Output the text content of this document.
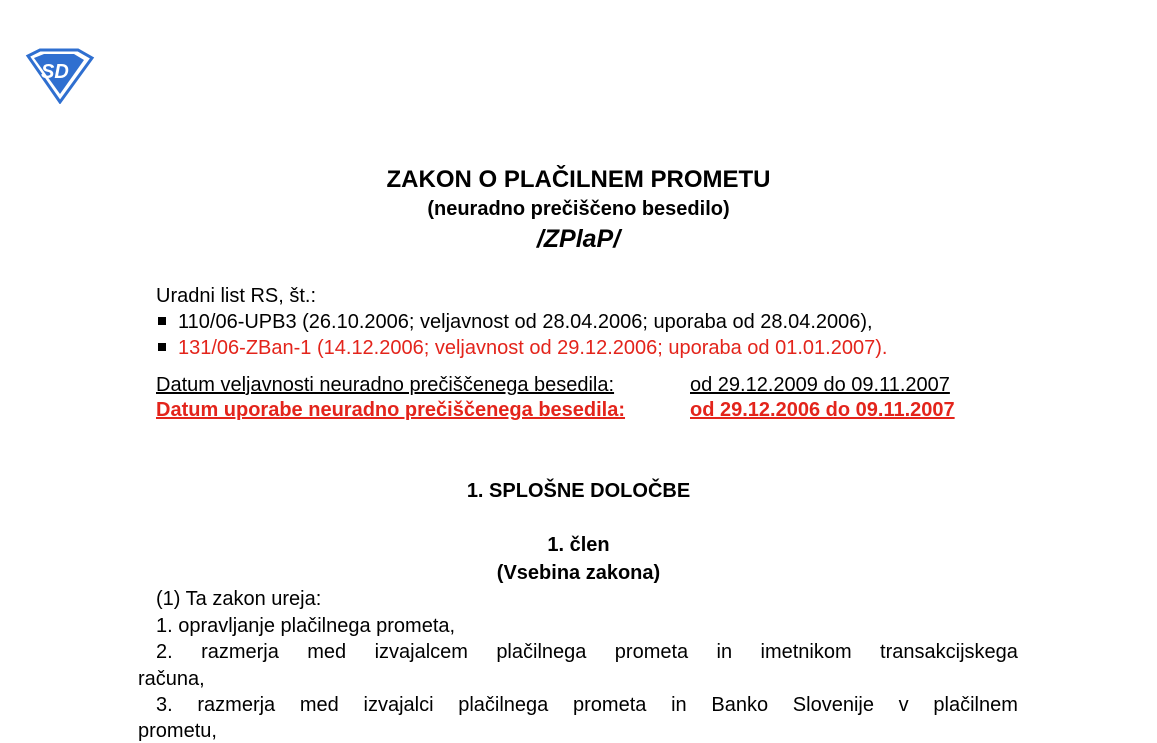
SD
ZAKON O PLAČILNEM PROMETU
(neuradno prečiščeno besedilo)
/ZPlaP/
Uradni list RS, št.:
110/06-UPB3 (26.10.2006; veljavnost od 28.04.2006; uporaba od 28.04.2006),
131/06-ZBan-1 (14.12.2006; veljavnost od 29.12.2006; uporaba od 01.01.2007).
Datum veljavnosti neuradno prečiščenega besedila:	od 29.12.2009 do 09.11.2007
Datum uporabe neuradno prečiščenega besedila:	od 29.12.2006 do 09.11.2007
1. SPLOŠNE DOLOČBE
1. člen
(Vsebina zakona)
(1) Ta zakon ureja:
1. opravljanje plačilnega prometa,
2. razmerja med izvajalcem plačilnega prometa in imetnikom transakcijskega
računa,
3. razmerja med izvajalci plačilnega prometa in Banko Slovenije v plačilnem
prometu,
